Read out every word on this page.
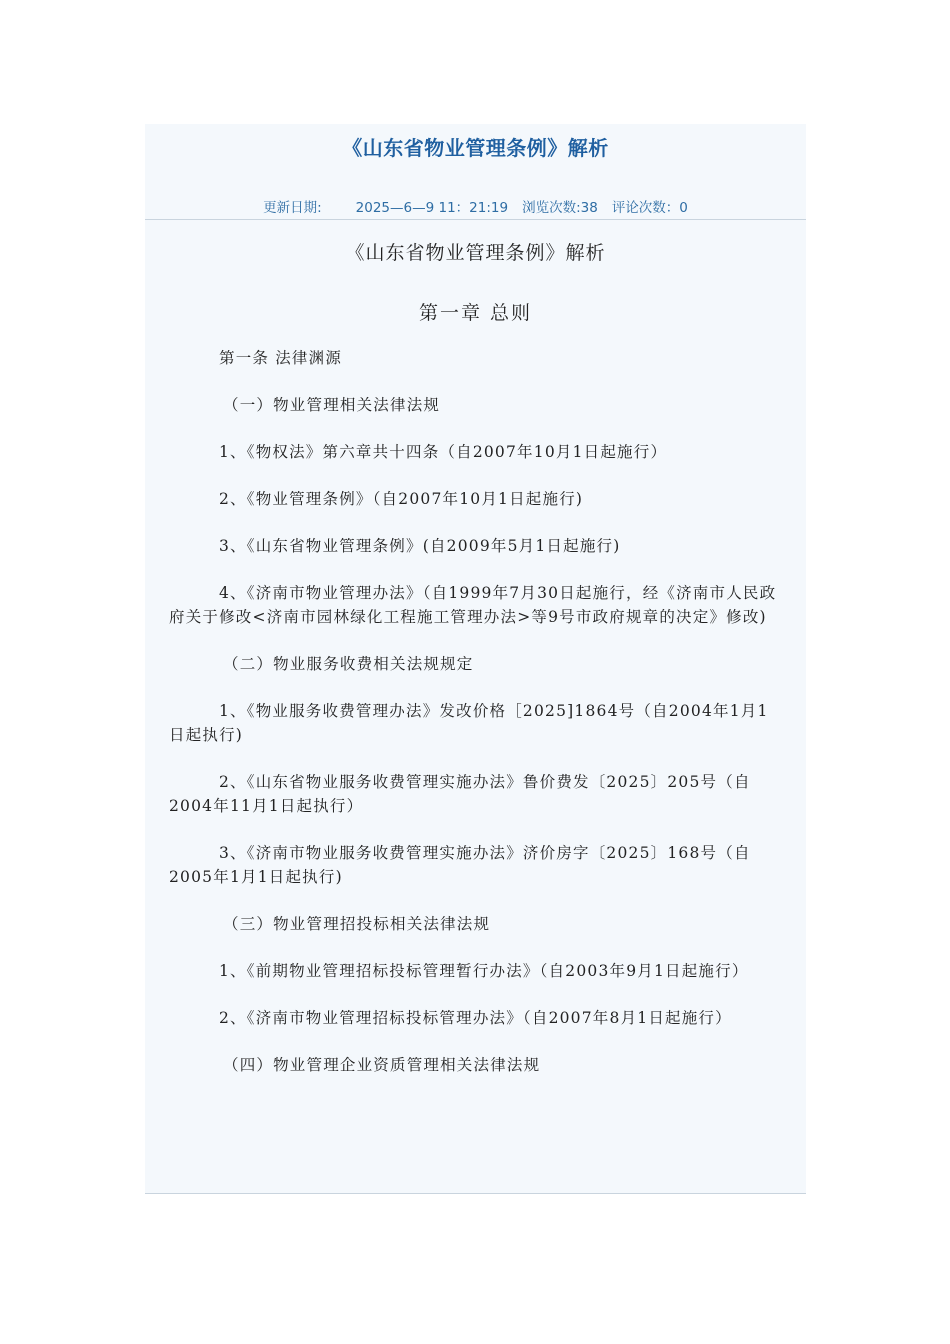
《山东省物业管理条例》解析
更新日期:	2025—6—9 11：21:19 浏览次数:38 评论次数：0
《山东省物业管理条例》解析
第一章 总则

第一条 法律渊源

（一）物业管理相关法律法规

1、《物权法》第六章共十四条（自2007年10月1日起施行）

2、《物业管理条例》（自2007年10月1日起施行)

3、《山东省物业管理条例》(自2009年5月1日起施行)

4、《济南市物业管理办法》（自1999年7月30日起施行，经《济南市人民政府关于修改<济南市园林绿化工程施工管理办法>等9号市政府规章的决定》修改)

（二）物业服务收费相关法规规定

1、《物业服务收费管理办法》发改价格［2025]1864号（自2004年1月1日起执行)

2、《山东省物业服务收费管理实施办法》鲁价费发〔2025〕205号（自2004年11月1日起执行）

3、《济南市物业服务收费管理实施办法》济价房字〔2025〕168号（自2005年1月1日起执行)

（三）物业管理招投标相关法律法规

1、《前期物业管理招标投标管理暂行办法》（自2003年9月1日起施行）

2、《济南市物业管理招标投标管理办法》（自2007年8月1日起施行）

（四）物业管理企业资质管理相关法律法规
